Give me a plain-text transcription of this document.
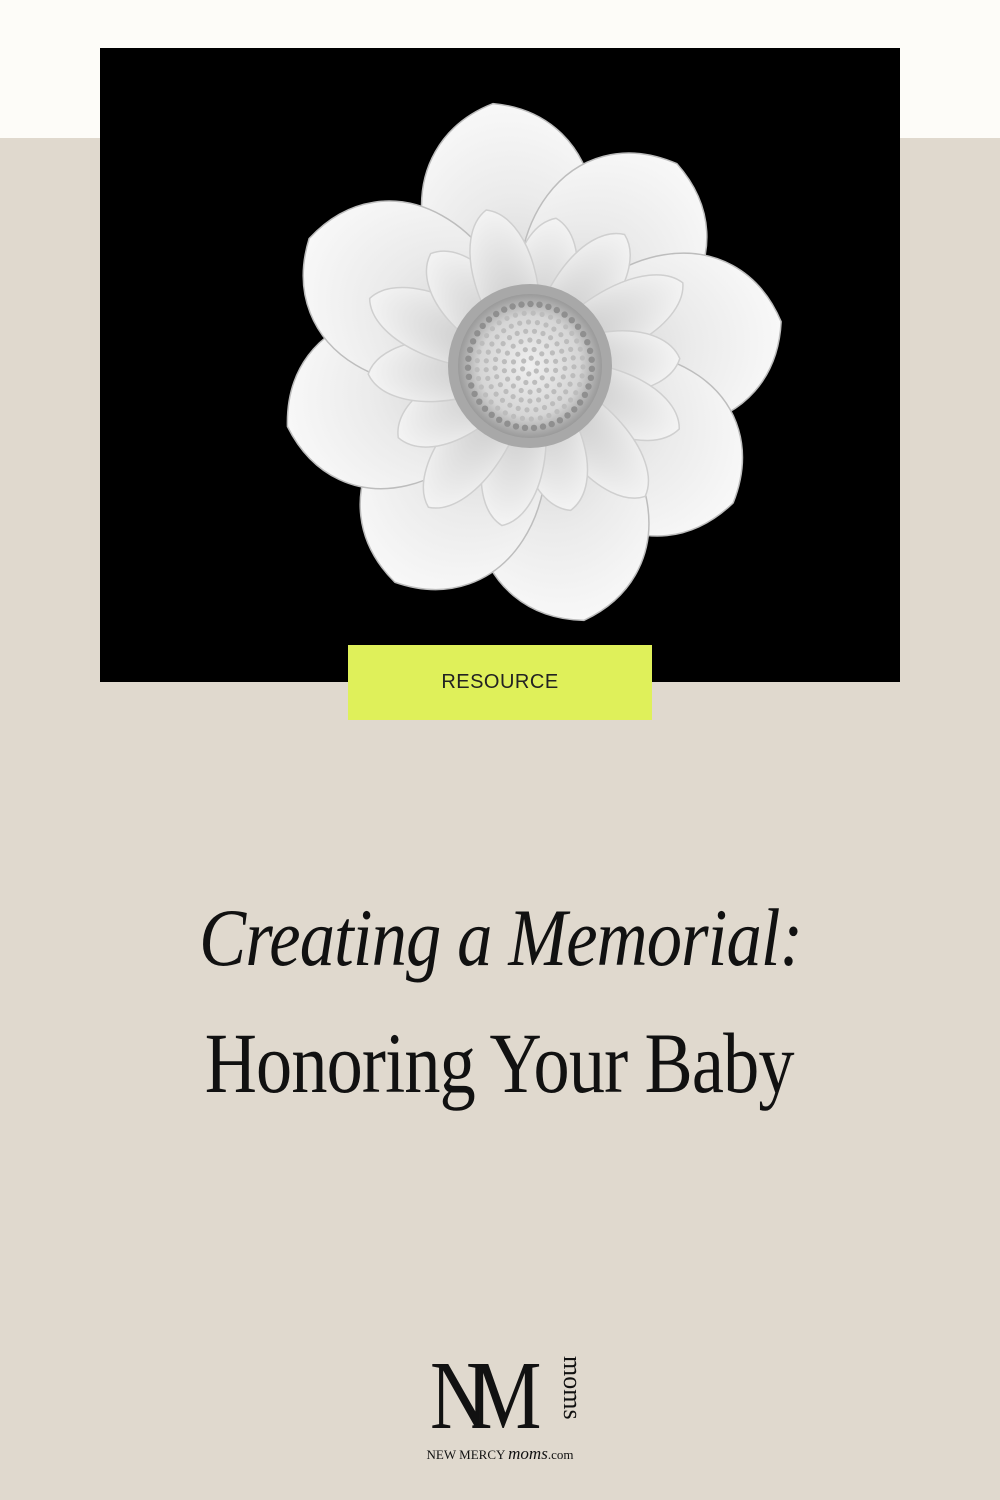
RESOURCE
Creating a Memorial:
Honoring Your Baby
NM moms
NEW MERCY moms.com
